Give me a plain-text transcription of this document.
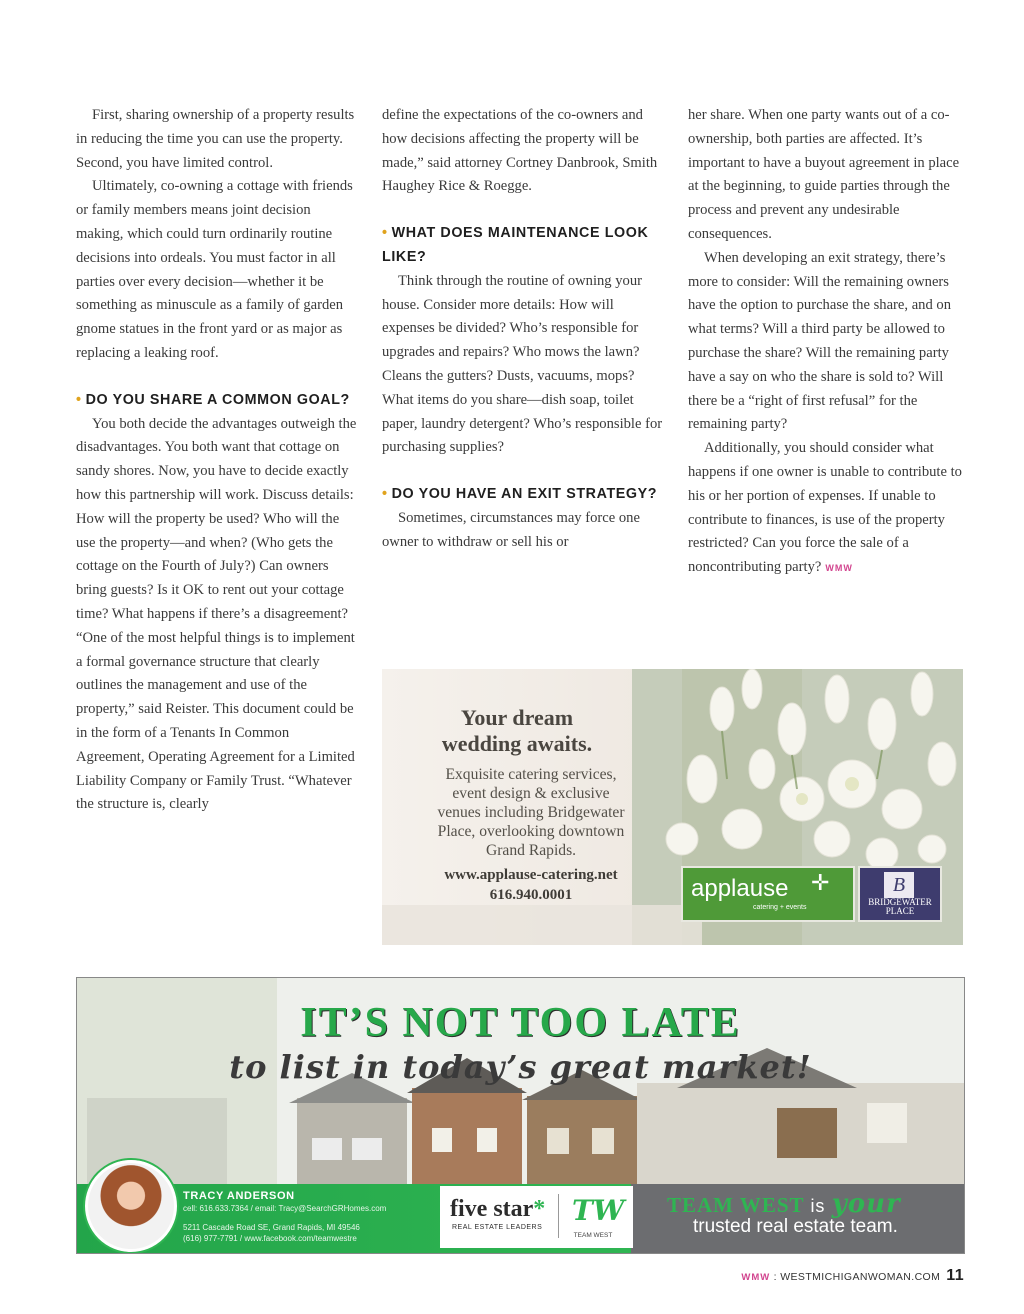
First, sharing ownership of a property results in reducing the time you can use the property. Second, you have limited control.

Ultimately, co-owning a cottage with friends or family members means joint decision making, which could turn ordinarily routine decisions into ordeals. You must factor in all parties over every decision—whether it be something as minuscule as a family of garden gnome statues in the front yard or as major as replacing a leaking roof.

• DO YOU SHARE A COMMON GOAL?

You both decide the advantages outweigh the disadvantages. You both want that cottage on sandy shores. Now, you have to decide exactly how this partnership will work. Discuss details: How will the property be used? Who will the use the property—and when? (Who gets the cottage on the Fourth of July?) Can owners bring guests? Is it OK to rent out your cottage time? What happens if there’s a disagreement? “One of the most helpful things is to implement a formal governance structure that clearly outlines the management and use of the property,” said Reister. This document could be in the form of a Tenants In Common Agreement, Operating Agreement for a Limited Liability Company or Family Trust. “Whatever the structure is, clearly

define the expectations of the co-owners and how decisions affecting the property will be made,” said attorney Cortney Danbrook, Smith Haughey Rice & Roegge.

• WHAT DOES MAINTENANCE LOOK LIKE?

Think through the routine of owning your house. Consider more details: How will expenses be divided? Who’s responsible for upgrades and repairs? Who mows the lawn? Cleans the gutters? Dusts, vacuums, mops? What items do you share—dish soap, toilet paper, laundry detergent? Who’s responsible for purchasing supplies?

• DO YOU HAVE AN EXIT STRATEGY?

Sometimes, circumstances may force one owner to withdraw or sell his or

her share. When one party wants out of a co-ownership, both parties are affected. It’s important to have a buyout agreement in place at the beginning, to guide parties through the process and prevent any undesirable consequences.

When developing an exit strategy, there’s more to consider: Will the remaining owners have the option to purchase the share, and on what terms? Will a third party be allowed to purchase the share? Will the remaining party have a say on who the share is sold to? Will there be a “right of first refusal” for the remaining party?

Additionally, you should consider what happens if one owner is unable to contribute to his or her portion of expenses. If unable to contribute to finances, is use of the property restricted? Can you force the sale of a noncontributing party? WMW

Your dream
wedding awaits.
Exquisite catering services,
event design & exclusive
venues including Bridgewater
Place, overlooking downtown
Grand Rapids.
www.applause-catering.net
616.940.0001	applause ✛
catering + events
B
BRIDGEWATER
PLACE
IT’S NOT TOO LATE
to list in today’s great market!
TRACY ANDERSON
cell: 616.633.7364 / email: Tracy@SearchGRHomes.com
5211 Cascade Road SE, Grand Rapids, MI 49546
(616) 977-7791 / www.facebook.com/teamwestre
five star*
REAL ESTATE LEADERS
TW
TEAM WEST
TEAM WEST is your
trusted real estate team.
WMW : WESTMICHIGANWOMAN.COM 11
